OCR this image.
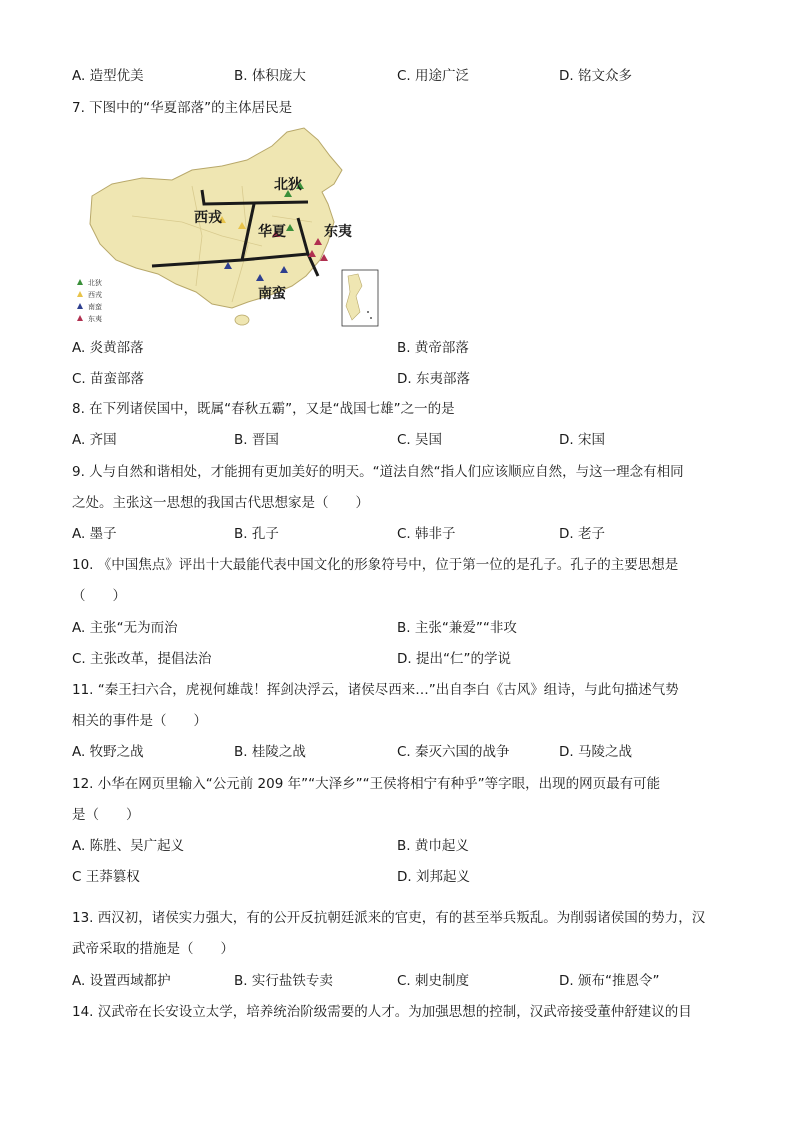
A. 造型优美	B. 体积庞大	C. 用途广泛	D. 铭文众多
7. 下图中的“华夏部落”的主体居民是
北狄
西戎
华夏	东夷
南蛮
北狄
西戎
南蛮
东夷
A. 炎黄部落	B. 黄帝部落
C. 苗蛮部落	D. 东夷部落
8. 在下列诸侯国中，既属“春秋五霸”，又是“战国七雄”之一的是
A. 齐国	B. 晋国	C. 吴国	D. 宋国
9. 人与自然和谐相处，才能拥有更加美好的明天。“道法自然“指人们应该顺应自然，与这一理念有相同
之处。主张这一思想的我国古代思想家是（　　）
A. 墨子	B. 孔子	C. 韩非子	D. 老子
10. 《中国焦点》评出十大最能代表中国文化的形象符号中，位于第一位的是孔子。孔子的主要思想是
（　　）
A. 主张“无为而治	B. 主张“兼爱”“非攻
C. 主张改革，提倡法治	D. 提出“仁”的学说
11. “秦王扫六合，虎视何雄哉！挥剑决浮云，诸侯尽西来…”出自李白《古风》组诗，与此句描述气势
相关的事件是（　　）
A. 牧野之战	B. 桂陵之战	C. 秦灭六国的战争	D. 马陵之战
12. 小华在网页里输入“公元前 209 年”“大泽乡”“王侯将相宁有种乎”等字眼，出现的网页最有可能
是（　　）
A. 陈胜、吴广起义	B. 黄巾起义
C 王莽篡权	D. 刘邦起义
13. 西汉初，诸侯实力强大，有的公开反抗朝廷派来的官吏，有的甚至举兵叛乱。为削弱诸侯国的势力，汉
武帝采取的措施是（　　）
A. 设置西域都护	B. 实行盐铁专卖	C. 刺史制度	D. 颁布“推恩令”
14. 汉武帝在长安设立太学，培养统治阶级需要的人才。为加强思想的控制，汉武帝接受董仲舒建议的目
